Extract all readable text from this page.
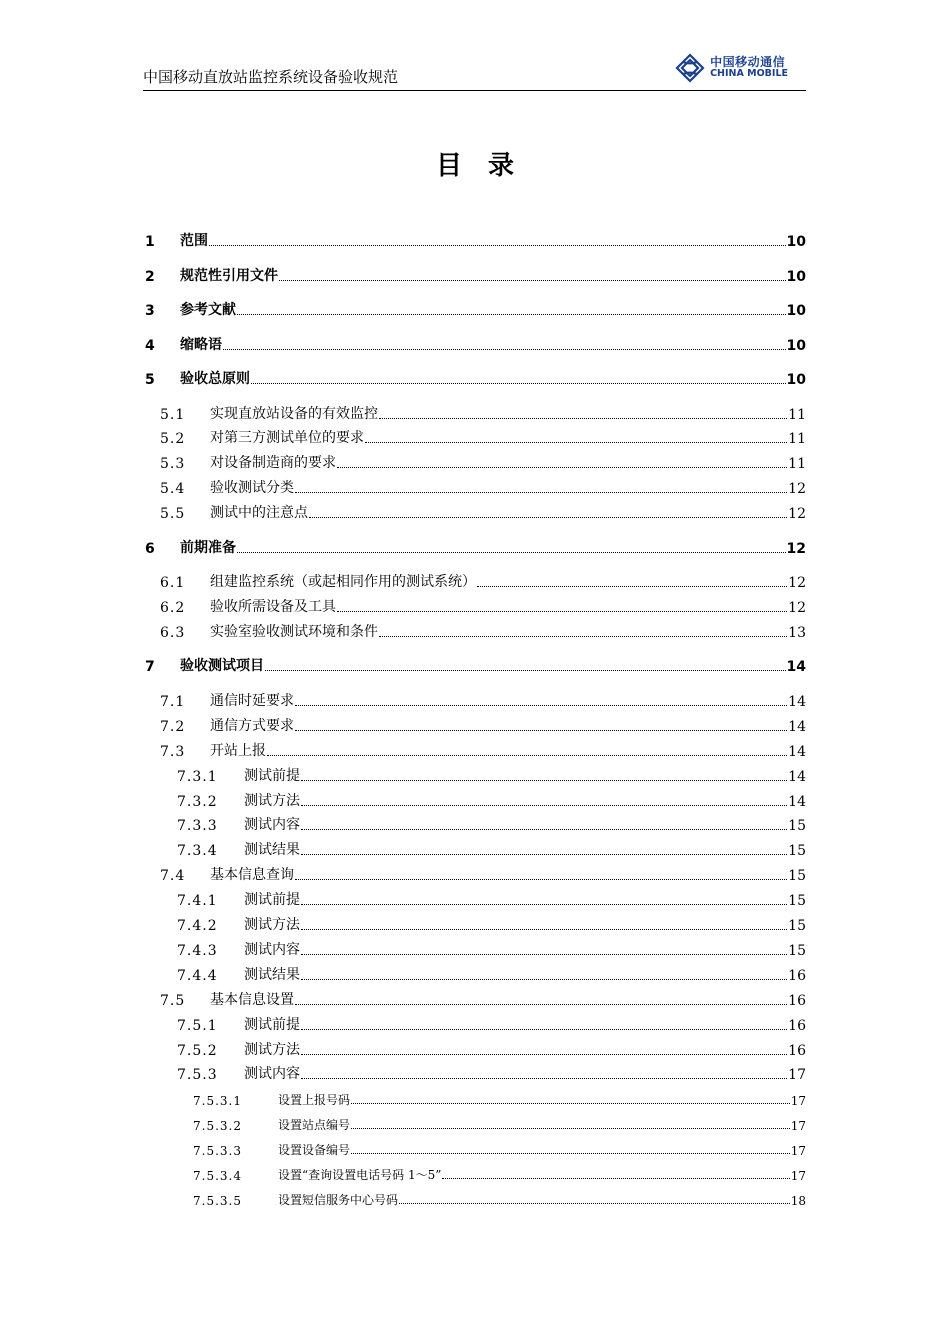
中国移动直放站监控系统设备验收规范
中国移动通信
CHINA MOBILE
目录
1	范围	10
2	规范性引用文件	10
3	参考文献	10
4	缩略语	10
5	验收总原则	10
5.1	实现直放站设备的有效监控	11
5.2	对第三方测试单位的要求	11
5.3	对设备制造商的要求	11
5.4	验收测试分类	12
5.5	测试中的注意点	12
6	前期准备	12
6.1	组建监控系统（或起相同作用的测试系统）	12
6.2	验收所需设备及工具	12
6.3	实验室验收测试环境和条件	13
7	验收测试项目	14
7.1	通信时延要求	14
7.2	通信方式要求	14
7.3	开站上报	14
7.3.1	测试前提	14
7.3.2	测试方法	14
7.3.3	测试内容	15
7.3.4	测试结果	15
7.4	基本信息查询	15
7.4.1	测试前提	15
7.4.2	测试方法	15
7.4.3	测试内容	15
7.4.4	测试结果	16
7.5	基本信息设置	16
7.5.1	测试前提	16
7.5.2	测试方法	16
7.5.3	测试内容	17
7.5.3.1	设置上报号码	17
7.5.3.2	设置站点编号	17
7.5.3.3	设置设备编号	17
7.5.3.4	设置“查询设置电话号码 1～5”	17
7.5.3.5	设置短信服务中心号码	18
